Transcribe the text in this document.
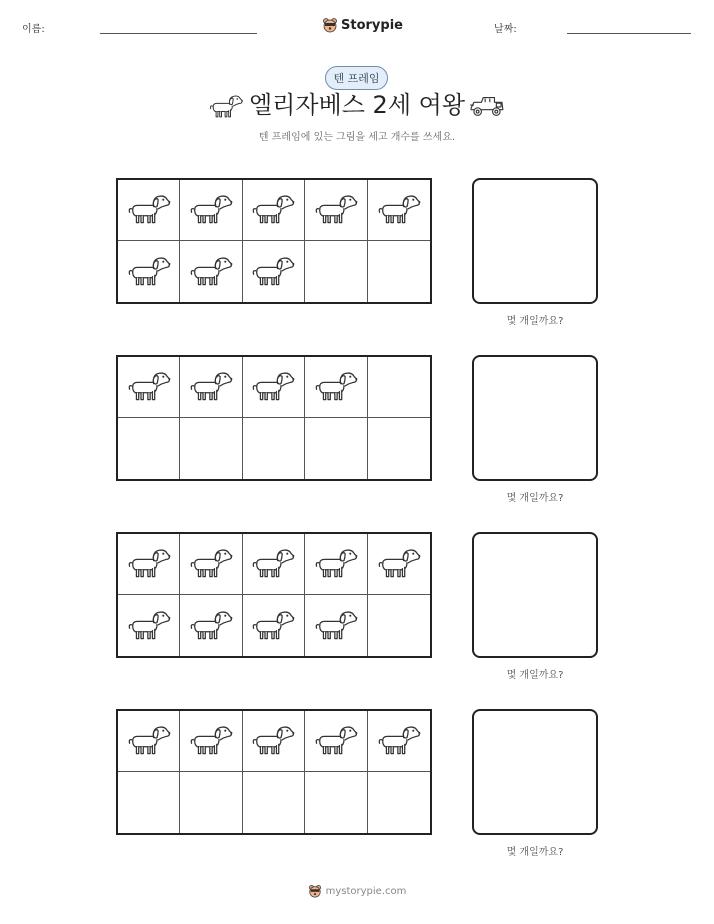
이름:	Storypie	날짜:
텐 프레임
엘리자베스 2세 여왕
텐 프레임에 있는 그림을 세고 개수를 쓰세요.
몇 개일까요?
몇 개일까요?
몇 개일까요?
몇 개일까요?
mystorypie.com
